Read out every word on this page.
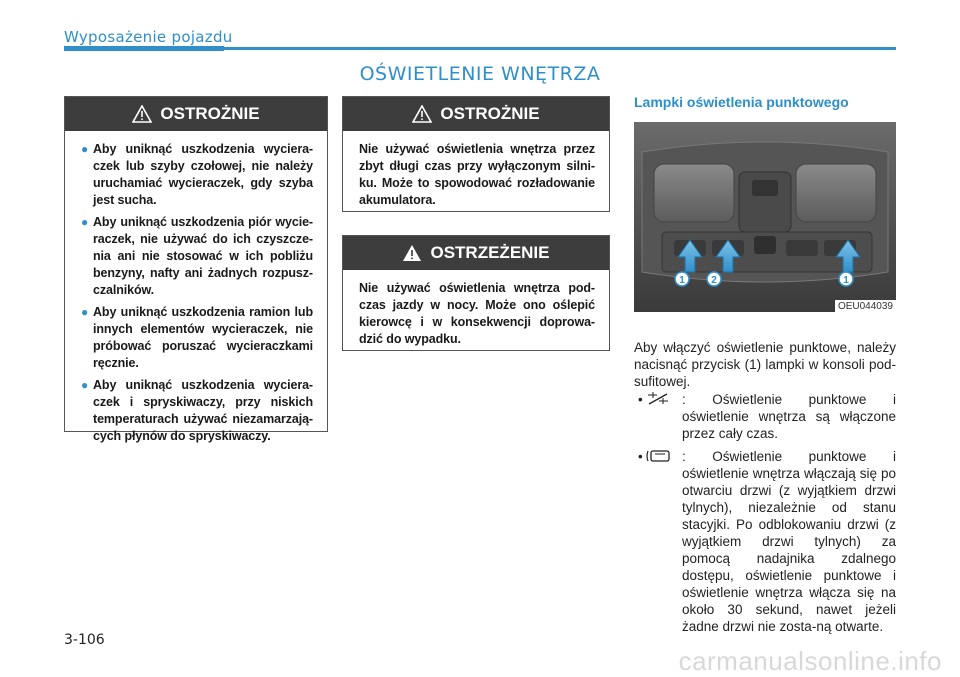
Wyposażenie pojazdu
OŚWIETLENIE WNĘTRZA
OSTROŻNIE
● Aby uniknąć uszkodzenia wyciera-czek lub szyby czołowej, nie należy uruchamiać wycieraczek, gdy szyba jest sucha.
● Aby uniknąć uszkodzenia piór wycie-raczek, nie używać do ich czyszcze-nia ani nie stosować w ich pobliżu benzyny, nafty ani żadnych rozpusz-czalników.
● Aby uniknąć uszkodzenia ramion lub innych elementów wycieraczek, nie próbować poruszać wycieraczkami ręcznie.
● Aby uniknąć uszkodzenia wyciera-czek i spryskiwaczy, przy niskich temperaturach używać niezamarzają-cych płynów do spryskiwaczy.
OSTROŻNIE
Nie używać oświetlenia wnętrza przez zbyt długi czas przy wyłączonym silni-ku. Może to spowodować rozładowanie akumulatora.
OSTRZEŻENIE
Nie używać oświetlenia wnętrza pod-czas jazdy w nocy. Może ono oślepić kierowcę i w konsekwencji doprowa-dzić do wypadku.
Lampki oświetlenia punktowego
1	2	1
OEU044039
Aby włączyć oświetlenie punktowe, należy nacisnąć przycisk (1) lampki w konsoli pod-sufitowej.
•	: Oświetlenie punktowe i oświetlenie wnętrza są włączone przez cały czas.
•	: Oświetlenie punktowe i oświetlenie wnętrza włączają się po otwarciu drzwi (z wyjątkiem drzwi tylnych), niezależnie od stanu stacyjki. Po odblokowaniu drzwi (z wyjątkiem drzwi tylnych) za pomocą nadajnika zdalnego dostępu, oświetlenie punktowe i oświetlenie wnętrza włącza się na około 30 sekund, nawet jeżeli żadne drzwi nie zosta-ną otwarte.
3-106
carmanualsonline.info
